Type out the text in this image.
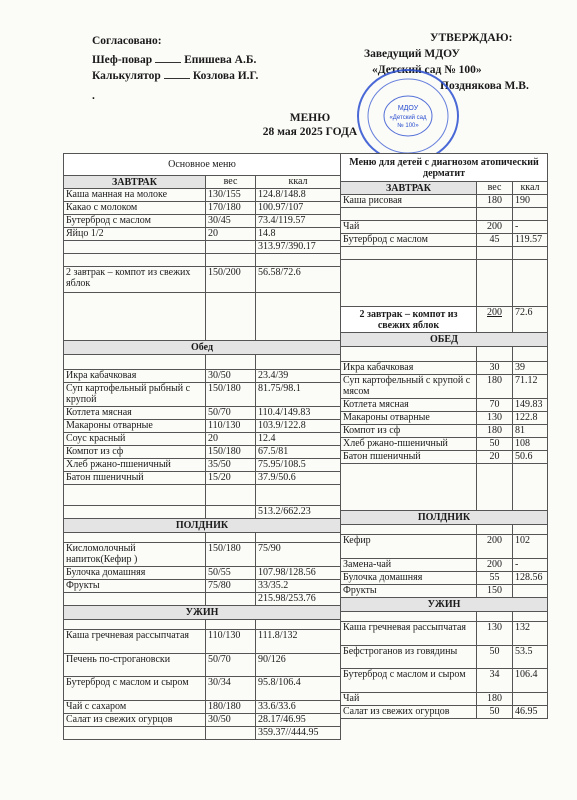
Согласовано:
Шеф-повар	Епишева А.Б.
Калькулятор	Козлова И.Г.
.
УТВЕРЖДАЮ:
Заведущий МДОУ
«Детский сад № 100»
Позднякова М.В.
МДОУ
«Детский сад
№ 100»
МЕНЮ
28 мая 2025 ГОДА
Основное меню		
ЗАВТРАК	вес	ккал
Каша манная на молоке	130/155	124.8/148.8
Какао с молоком	170/180	100.97/107
Бутерброд с маслом	30/45	73.4/119.57
Яйцо 1/2	20	14.8
		313.97/390.17

2 завтрак – компот из свежих яблок	150/200	56.58/72.6

Обед		

Икра кабачковая	30/50	23.4/39
Суп картофельный рыбный с крупой	150/180	81.75/98.1
Котлета мясная	50/70	110.4/149.83
Макароны отварные	110/130	103.9/122.8
Соус красный	20	12.4
Компот из сф	150/180	67.5/81
Хлеб ржано-пшеничный	35/50	75.95/108.5
Батон пшеничный	15/20	37.9/50.6

		513.2/662.23
ПОЛДНИК		

Кисломолочный напиток(Кефир )	150/180	75/90
Булочка домашняя	50/55	107.98/128.56
Фрукты	75/80	33/35.2
		215.98/253.76
УЖИН		

Каша гречневая рассыпчатая	110/130	111.8/132
Печень по-строгановски	50/70	90/126
Бутерброд с маслом и сыром	30/34	95.8/106.4
Чай с сахаром	180/180	33.6/33.6
Салат из свежих огурцов	30/50	28.17/46.95
		359.37//444.95
Меню для детей с диагнозом атопический дерматит		
ЗАВТРАК	вес	ккал
Каша рисовая	180	190

Чай	200	-
Бутерброд с маслом	45	119.57

2 завтрак – компот из свежих яблок	200	72.6
ОБЕД		

Икра кабачковая	30	39
Суп картофельный с крупой с мясом	180	71.12
Котлета мясная	70	149.83
Макароны отварные	130	122.8
Компот из сф	180	81
Хлеб ржано-пшеничный	50	108
Батон пшеничный	20	50.6

ПОЛДНИК		

Кефир	200	102
Замена-чай	200	-
Булочка домашняя	55	128.56
Фрукты	150	
УЖИН		

Каша гречневая рассыпчатая	130	132
Бефстроганов из говядины	50	53.5
Бутерброд с маслом и сыром	34	106.4
Чай	180	
Салат из свежих огурцов	50	46.95
